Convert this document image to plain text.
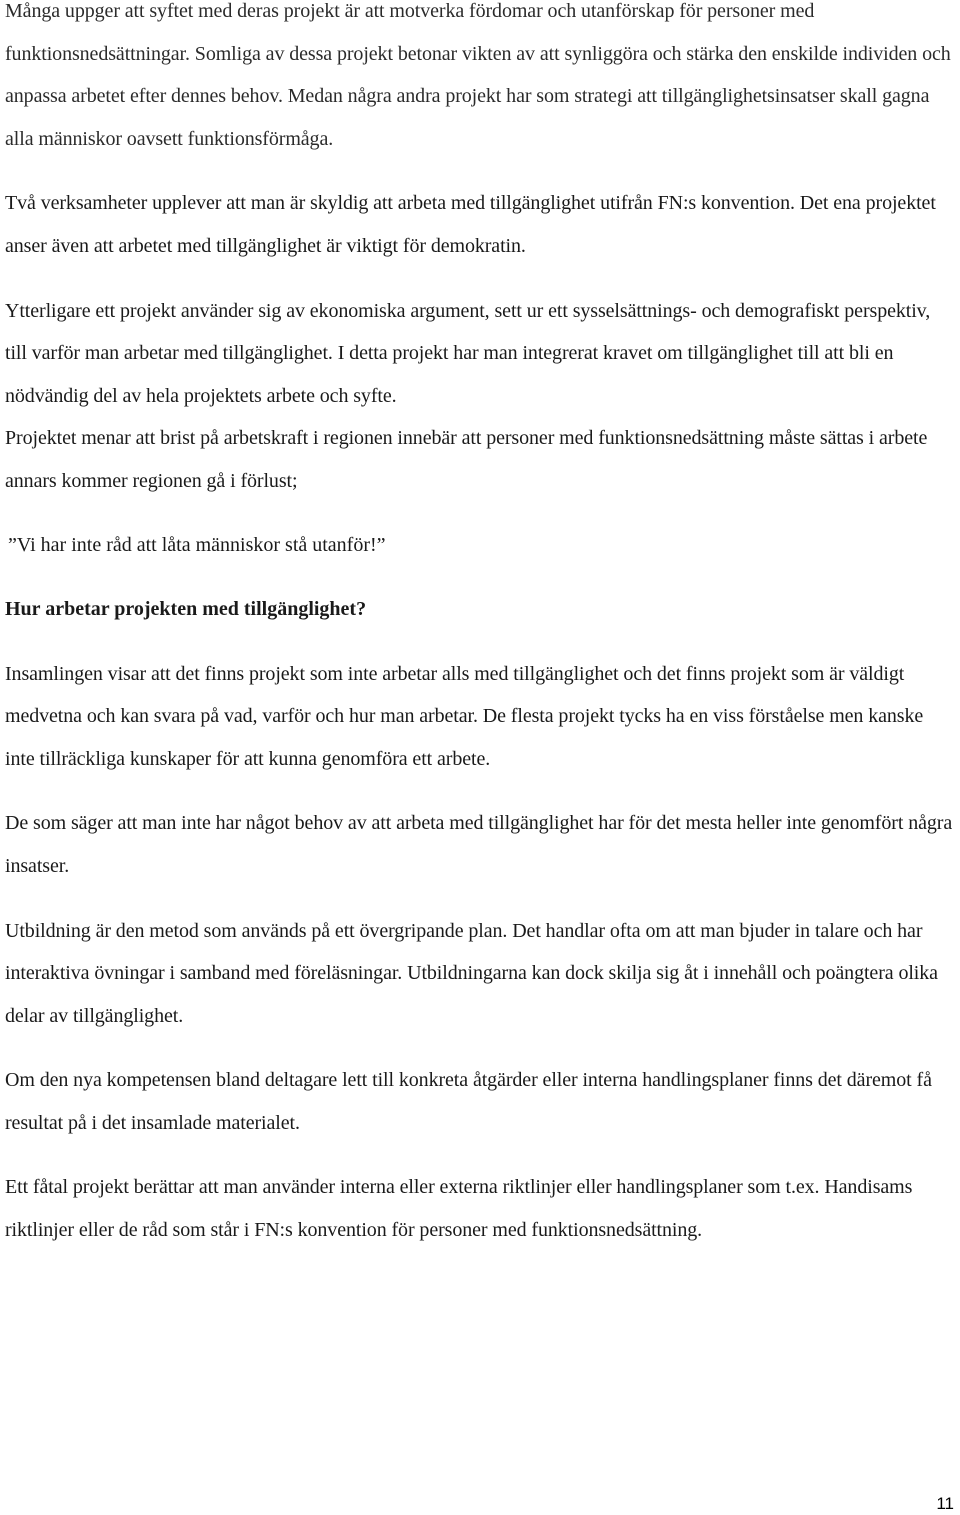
Många uppger att syftet med deras projekt är att motverka fördomar och utanförskap för personer med funktionsnedsättningar. Somliga av dessa projekt betonar vikten av att synliggöra och stärka den enskilde individen och anpassa arbetet efter dennes behov. Medan några andra projekt har som strategi att tillgänglighetsinsatser skall gagna alla människor oavsett funktionsförmåga.

Två verksamheter upplever att man är skyldig att arbeta med tillgänglighet utifrån FN:s konvention. Det ena projektet anser även att arbetet med tillgänglighet är viktigt för demokratin.

Ytterligare ett projekt använder sig av ekonomiska argument, sett ur ett sysselsättnings- och demografiskt perspektiv, till varför man arbetar med tillgänglighet. I detta projekt har man integrerat kravet om tillgänglighet till att bli en nödvändig del av hela projektets arbete och syfte.

Projektet menar att brist på arbetskraft i regionen innebär att personer med funktionsnedsättning måste sättas i arbete annars kommer regionen gå i förlust;

”Vi har inte råd att låta människor stå utanför!”

Hur arbetar projekten med tillgänglighet?

Insamlingen visar att det finns projekt som inte arbetar alls med tillgänglighet och det finns projekt som är väldigt medvetna och kan svara på vad, varför och hur man arbetar. De flesta projekt tycks ha en viss förståelse men kanske inte tillräckliga kunskaper för att kunna genomföra ett arbete.

De som säger att man inte har något behov av att arbeta med tillgänglighet har för det mesta heller inte genomfört några insatser.

Utbildning är den metod som används på ett övergripande plan. Det handlar ofta om att man bjuder in talare och har interaktiva övningar i samband med föreläsningar. Utbildningarna kan dock skilja sig åt i innehåll och poängtera olika delar av tillgänglighet.

Om den nya kompetensen bland deltagare lett till konkreta åtgärder eller interna handlingsplaner finns det däremot få resultat på i det insamlade materialet.

Ett fåtal projekt berättar att man använder interna eller externa riktlinjer eller handlingsplaner som t.ex. Handisams riktlinjer eller de råd som står i FN:s konvention för personer med funktionsnedsättning.

11
